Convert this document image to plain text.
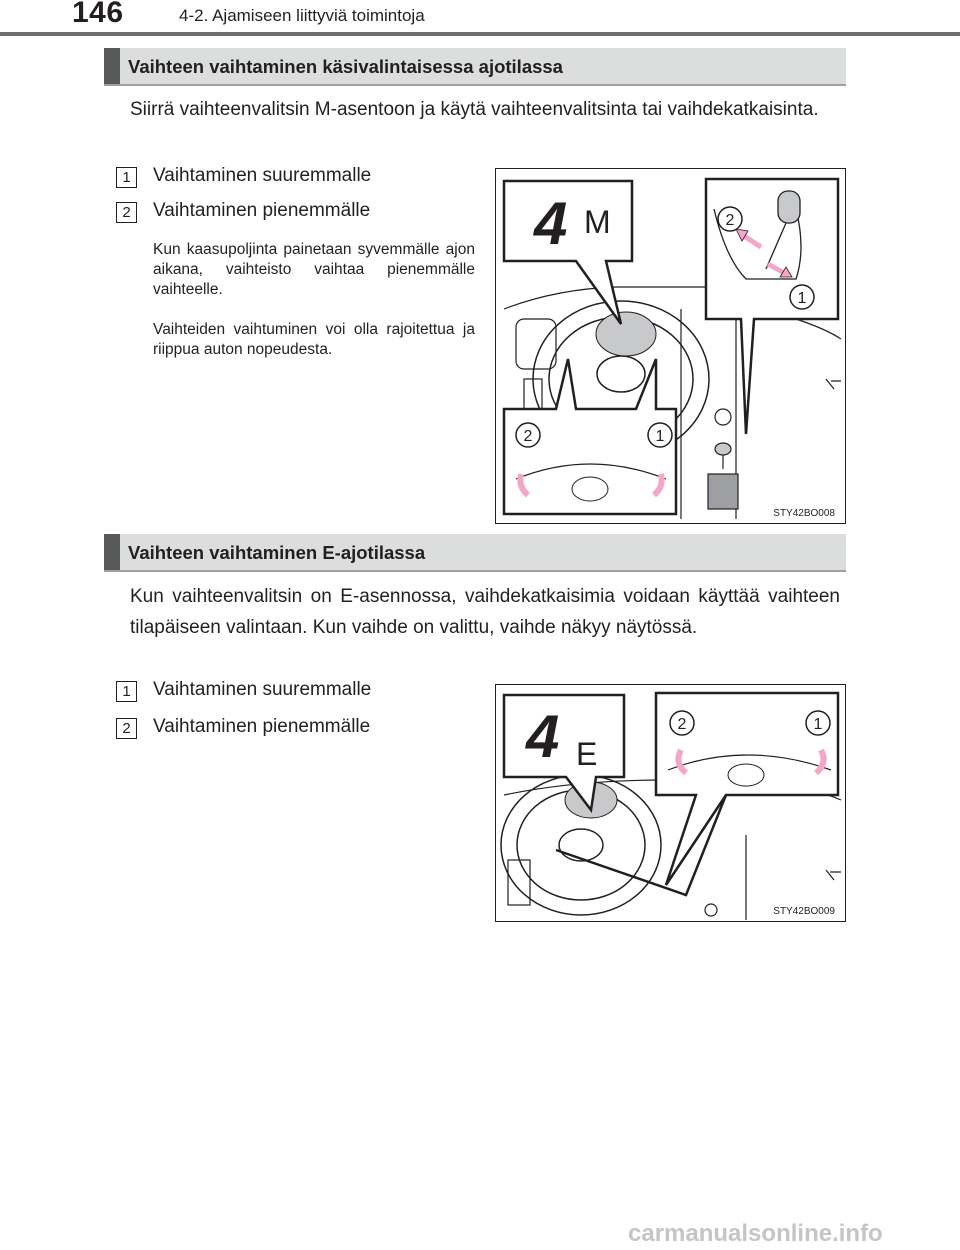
146	4-2. Ajamiseen liittyviä toimintoja
Vaihteen vaihtaminen käsivalintaisessa ajotilassa
Siirrä vaihteenvalitsin M-asentoon ja käytä vaihteenvalitsinta tai vaihdekatkaisinta.
1	Vaihtaminen suuremmalle
2	Vaihtaminen pienemmälle
Kun kaasupoljinta painetaan syvemmälle ajon aikana, vaihteisto vaihtaa pienemmälle vaihteelle.
Vaihteiden vaihtuminen voi olla rajoitettua ja riippua auton nopeudesta.
4 M	2
1
2	1
STY42BO008
Vaihteen vaihtaminen E-ajotilassa
Kun vaihteenvalitsin on E-asennossa, vaihdekatkaisimia voidaan käyttää vaihteen tilapäiseen valintaan. Kun vaihde on valittu, vaihde näkyy näytössä.
1	Vaihtaminen suuremmalle
2	Vaihtaminen pienemmälle	4 E
2	1
STY42BO009
carmanualsonline.info
